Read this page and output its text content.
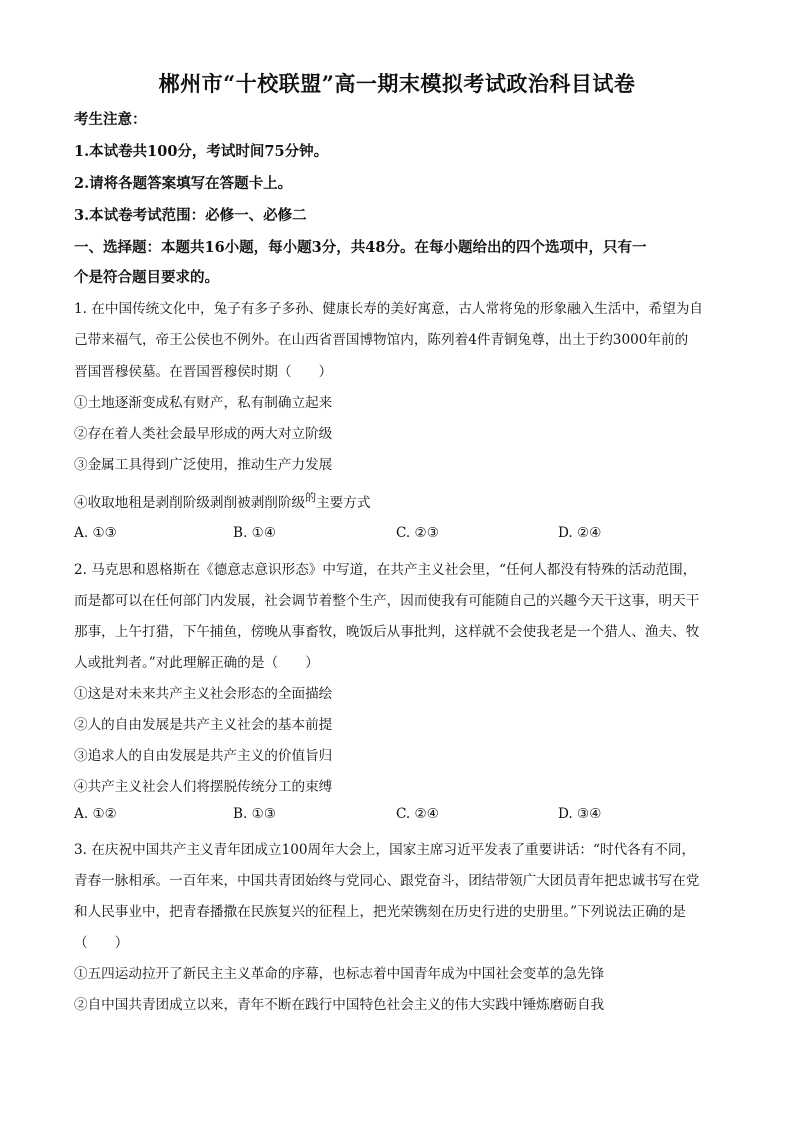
郴州市“十校联盟”高一期末模拟考试政治科目试卷
考生注意：
1.本试卷共100分，考试时间75分钟。
2.请将各题答案填写在答题卡上。
3.本试卷考试范围：必修一、必修二
一、选择题：本题共16小题，每小题3分，共48分。在每小题给出的四个选项中，只有一
个是符合题目要求的。
1. 在中国传统文化中，兔子有多子多孙、健康长寿的美好寓意，古人常将兔的形象融入生活中，希望为自
己带来福气，帝王公侯也不例外。在山西省晋国博物馆内，陈列着4件青铜兔尊，出土于约3000年前的
晋国晋穆侯墓。在晋国晋穆侯时期（　　）
①土地逐渐变成私有财产，私有制确立起来
②存在着人类社会最早形成的两大对立阶级
③金属工具得到广泛使用，推动生产力发展
④收取地租是剥削阶级剥削被剥削阶级$^的$主要方式
A. ①③	B. ①④	C. ②③	D. ②④
2. 马克思和恩格斯在《德意志意识形态》中写道，在共产主义社会里，“任何人都没有特殊的活动范围，
而是都可以在任何部门内发展，社会调节着整个生产，因而使我有可能随自己的兴趣今天干这事，明天干
那事，上午打猎，下午捕鱼，傍晚从事畜牧，晚饭后从事批判，这样就不会使我老是一个猎人、渔夫、牧
人或批判者。”对此理解正确的是（　　）
①这是对未来共产主义社会形态的全面描绘
②人的自由发展是共产主义社会的基本前提
③追求人的自由发展是共产主义的价值旨归
④共产主义社会人们将摆脱传统分工的束缚
A. ①②	B. ①③	C. ②④	D. ③④
3. 在庆祝中国共产主义青年团成立100周年大会上，国家主席习近平发表了重要讲话：“时代各有不同，
青春一脉相承。一百年来，中国共青团始终与党同心、跟党奋斗，团结带领广大团员青年把忠诚书写在党
和人民事业中，把青春播撒在民族复兴的征程上，把光荣镌刻在历史行进的史册里。”下列说法正确的是
（　　）
①五四运动拉开了新民主主义革命的序幕，也标志着中国青年成为中国社会变革的急先锋
②自中国共青团成立以来，青年不断在践行中国特色社会主义的伟大实践中锤炼磨砺自我
